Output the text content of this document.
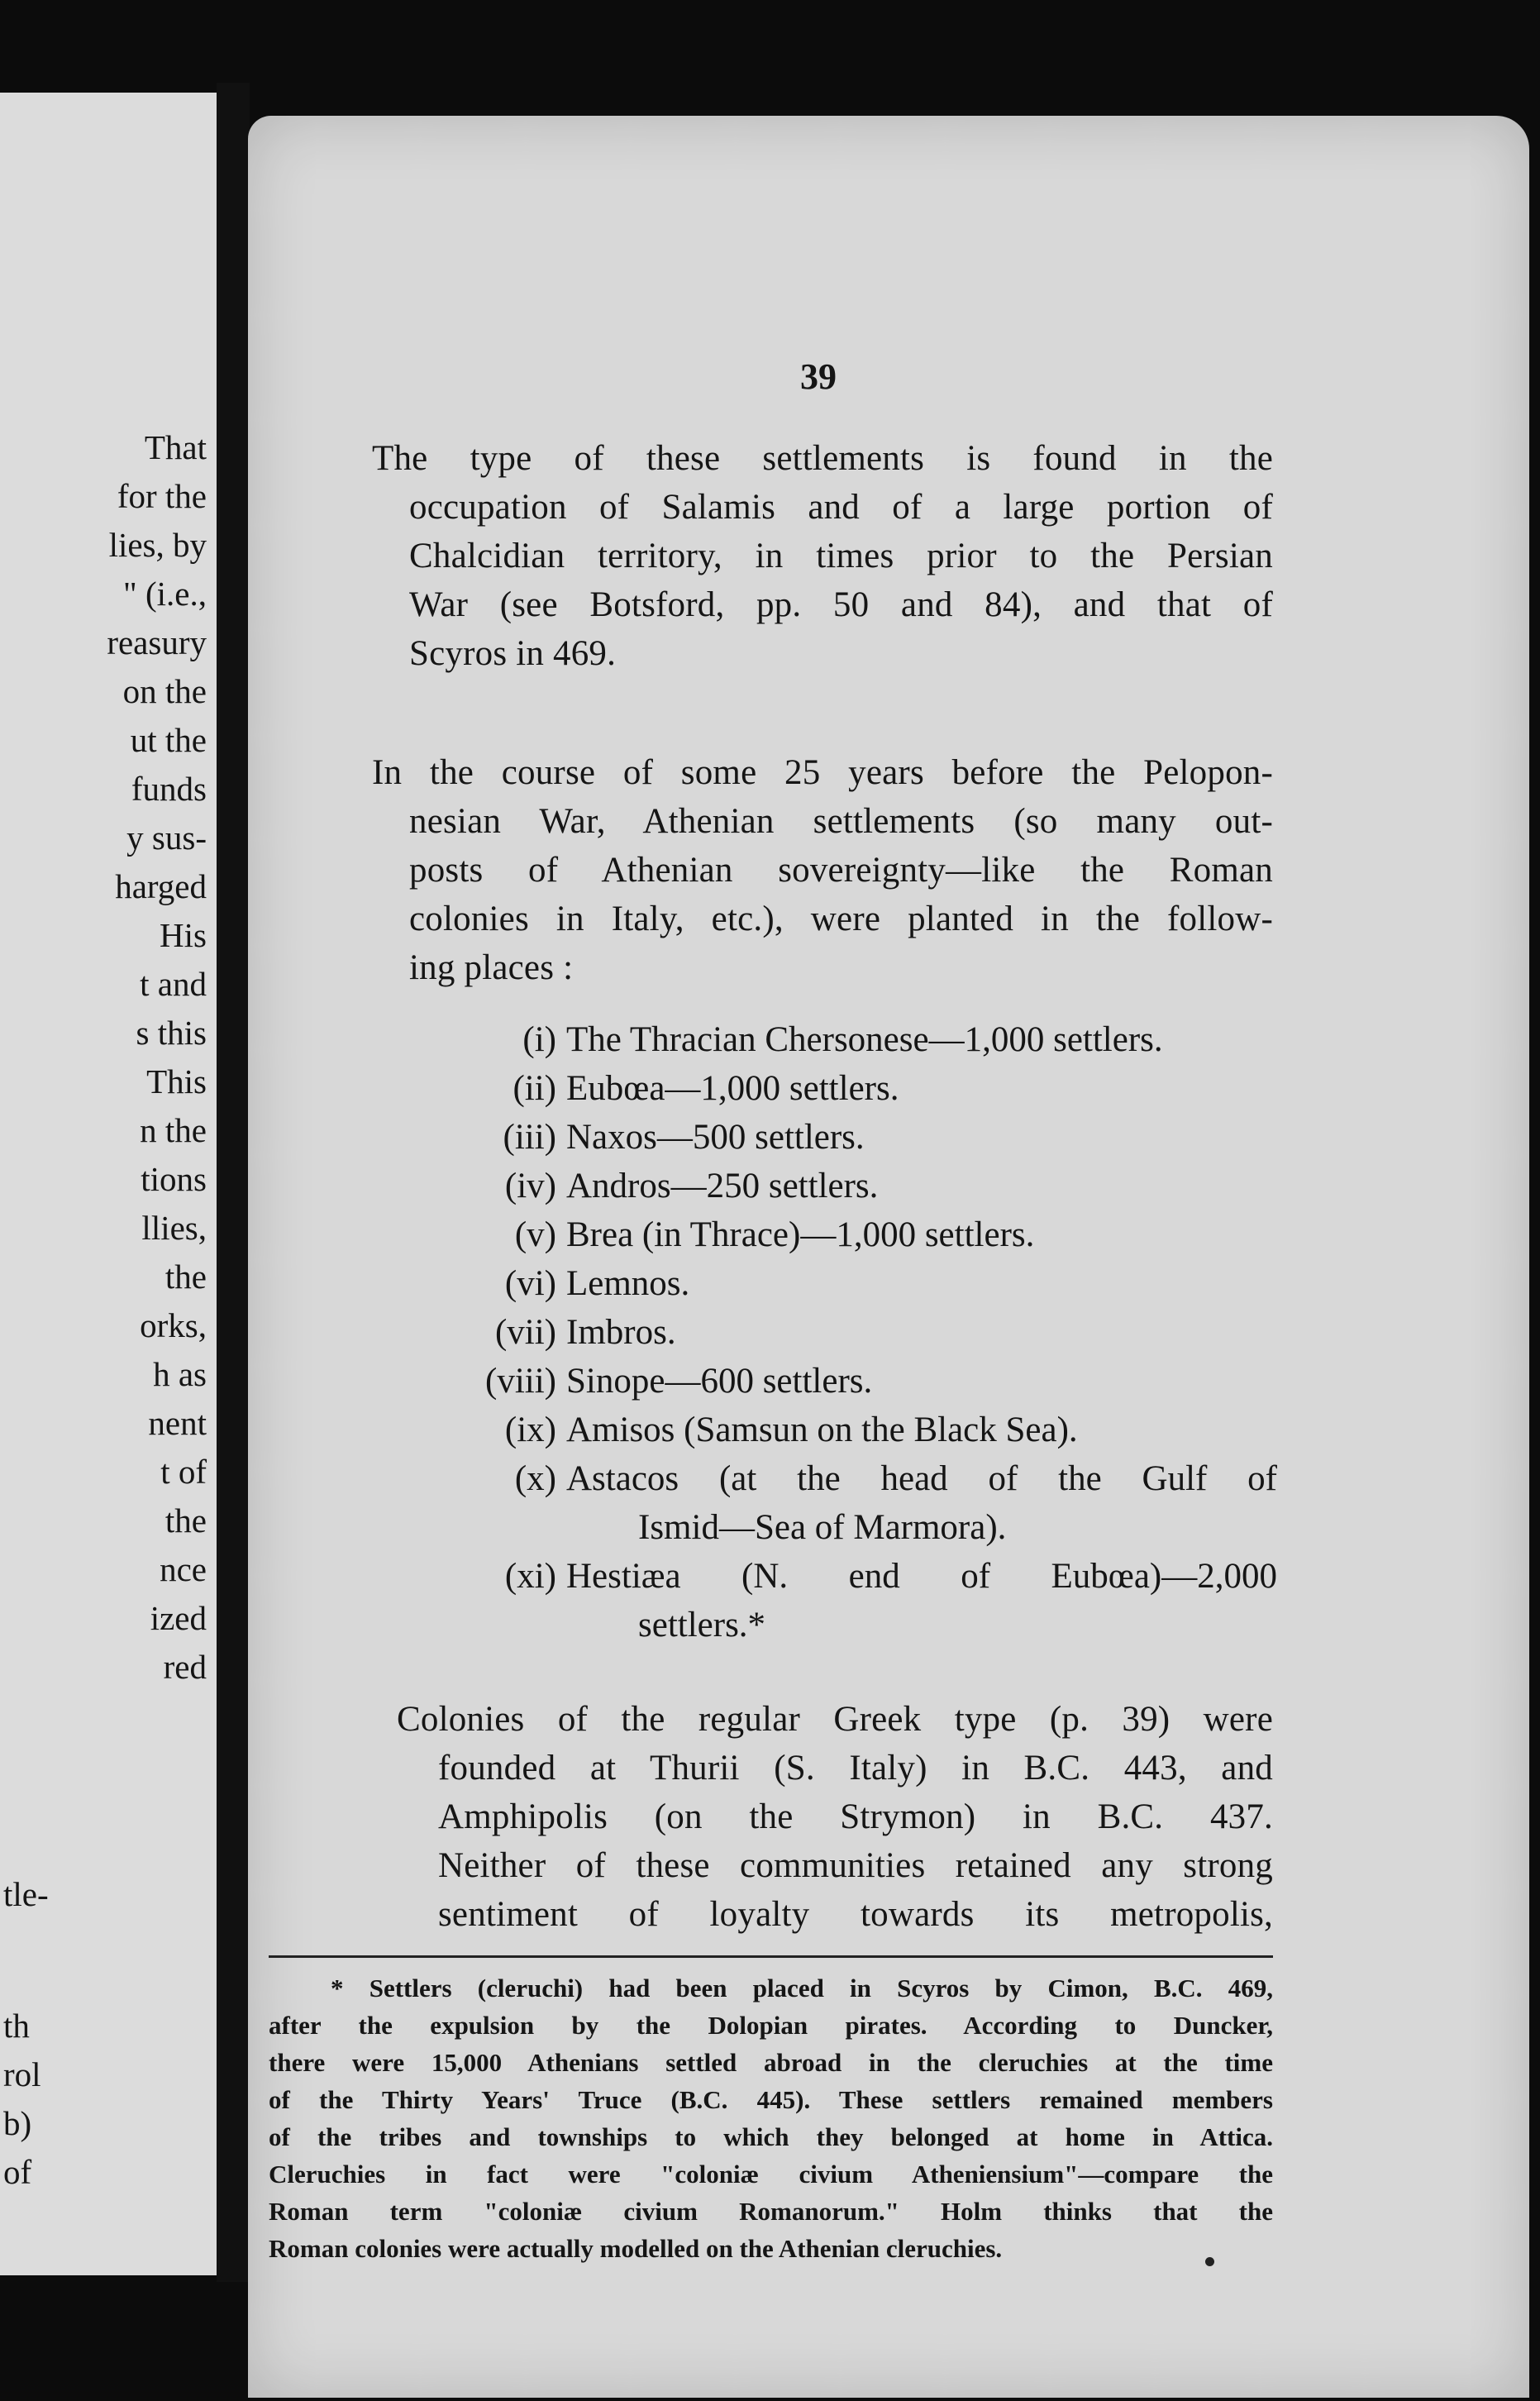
That
for the
lies, by
" (i.e.,
reasury
on the
ut the
funds
y sus-
harged
His
t and
s this
This
n the
tions
llies,
the
orks,
h as
nent
t of
the
nce
ized
red
tle-
th
rol
b)
of
39
The type of these settlements is found in the
occupation of Salamis and of a large portion of
Chalcidian territory, in times prior to the Persian
War (see Botsford, pp. 50 and 84), and that of
Scyros in 469.
In the course of some 25 years before the Pelopon-
nesian War, Athenian settlements (so many out-
posts of Athenian sovereignty—like the Roman
colonies in Italy, etc.), were planted in the follow-
ing places :
(i) The Thracian Chersonese—1,000 settlers.
(ii) Eubœa—1,000 settlers.
(iii) Naxos—500 settlers.
(iv) Andros—250 settlers.
(v) Brea (in Thrace)—1,000 settlers.
(vi) Lemnos.
(vii) Imbros.
(viii) Sinope—600 settlers.
(ix) Amisos (Samsun on the Black Sea).
(x) Astacos (at the head of the Gulf of
Ismid—Sea of Marmora).
(xi) Hestiæa (N. end of Eubœa)—2,000
settlers.*
Colonies of the regular Greek type (p. 39) were
founded at Thurii (S. Italy) in B.C. 443, and
Amphipolis (on the Strymon) in B.C. 437.
Neither of these communities retained any strong
sentiment of loyalty towards its metropolis,
* Settlers (cleruchi) had been placed in Scyros by Cimon, B.C. 469,
after the expulsion by the Dolopian pirates. According to Duncker,
there were 15,000 Athenians settled abroad in the cleruchies at the time
of the Thirty Years' Truce (B.C. 445). These settlers remained members
of the tribes and townships to which they belonged at home in Attica.
Cleruchies in fact were "coloniæ civium Atheniensium"—compare the
Roman term "coloniæ civium Romanorum." Holm thinks that the
Roman colonies were actually modelled on the Athenian cleruchies.
